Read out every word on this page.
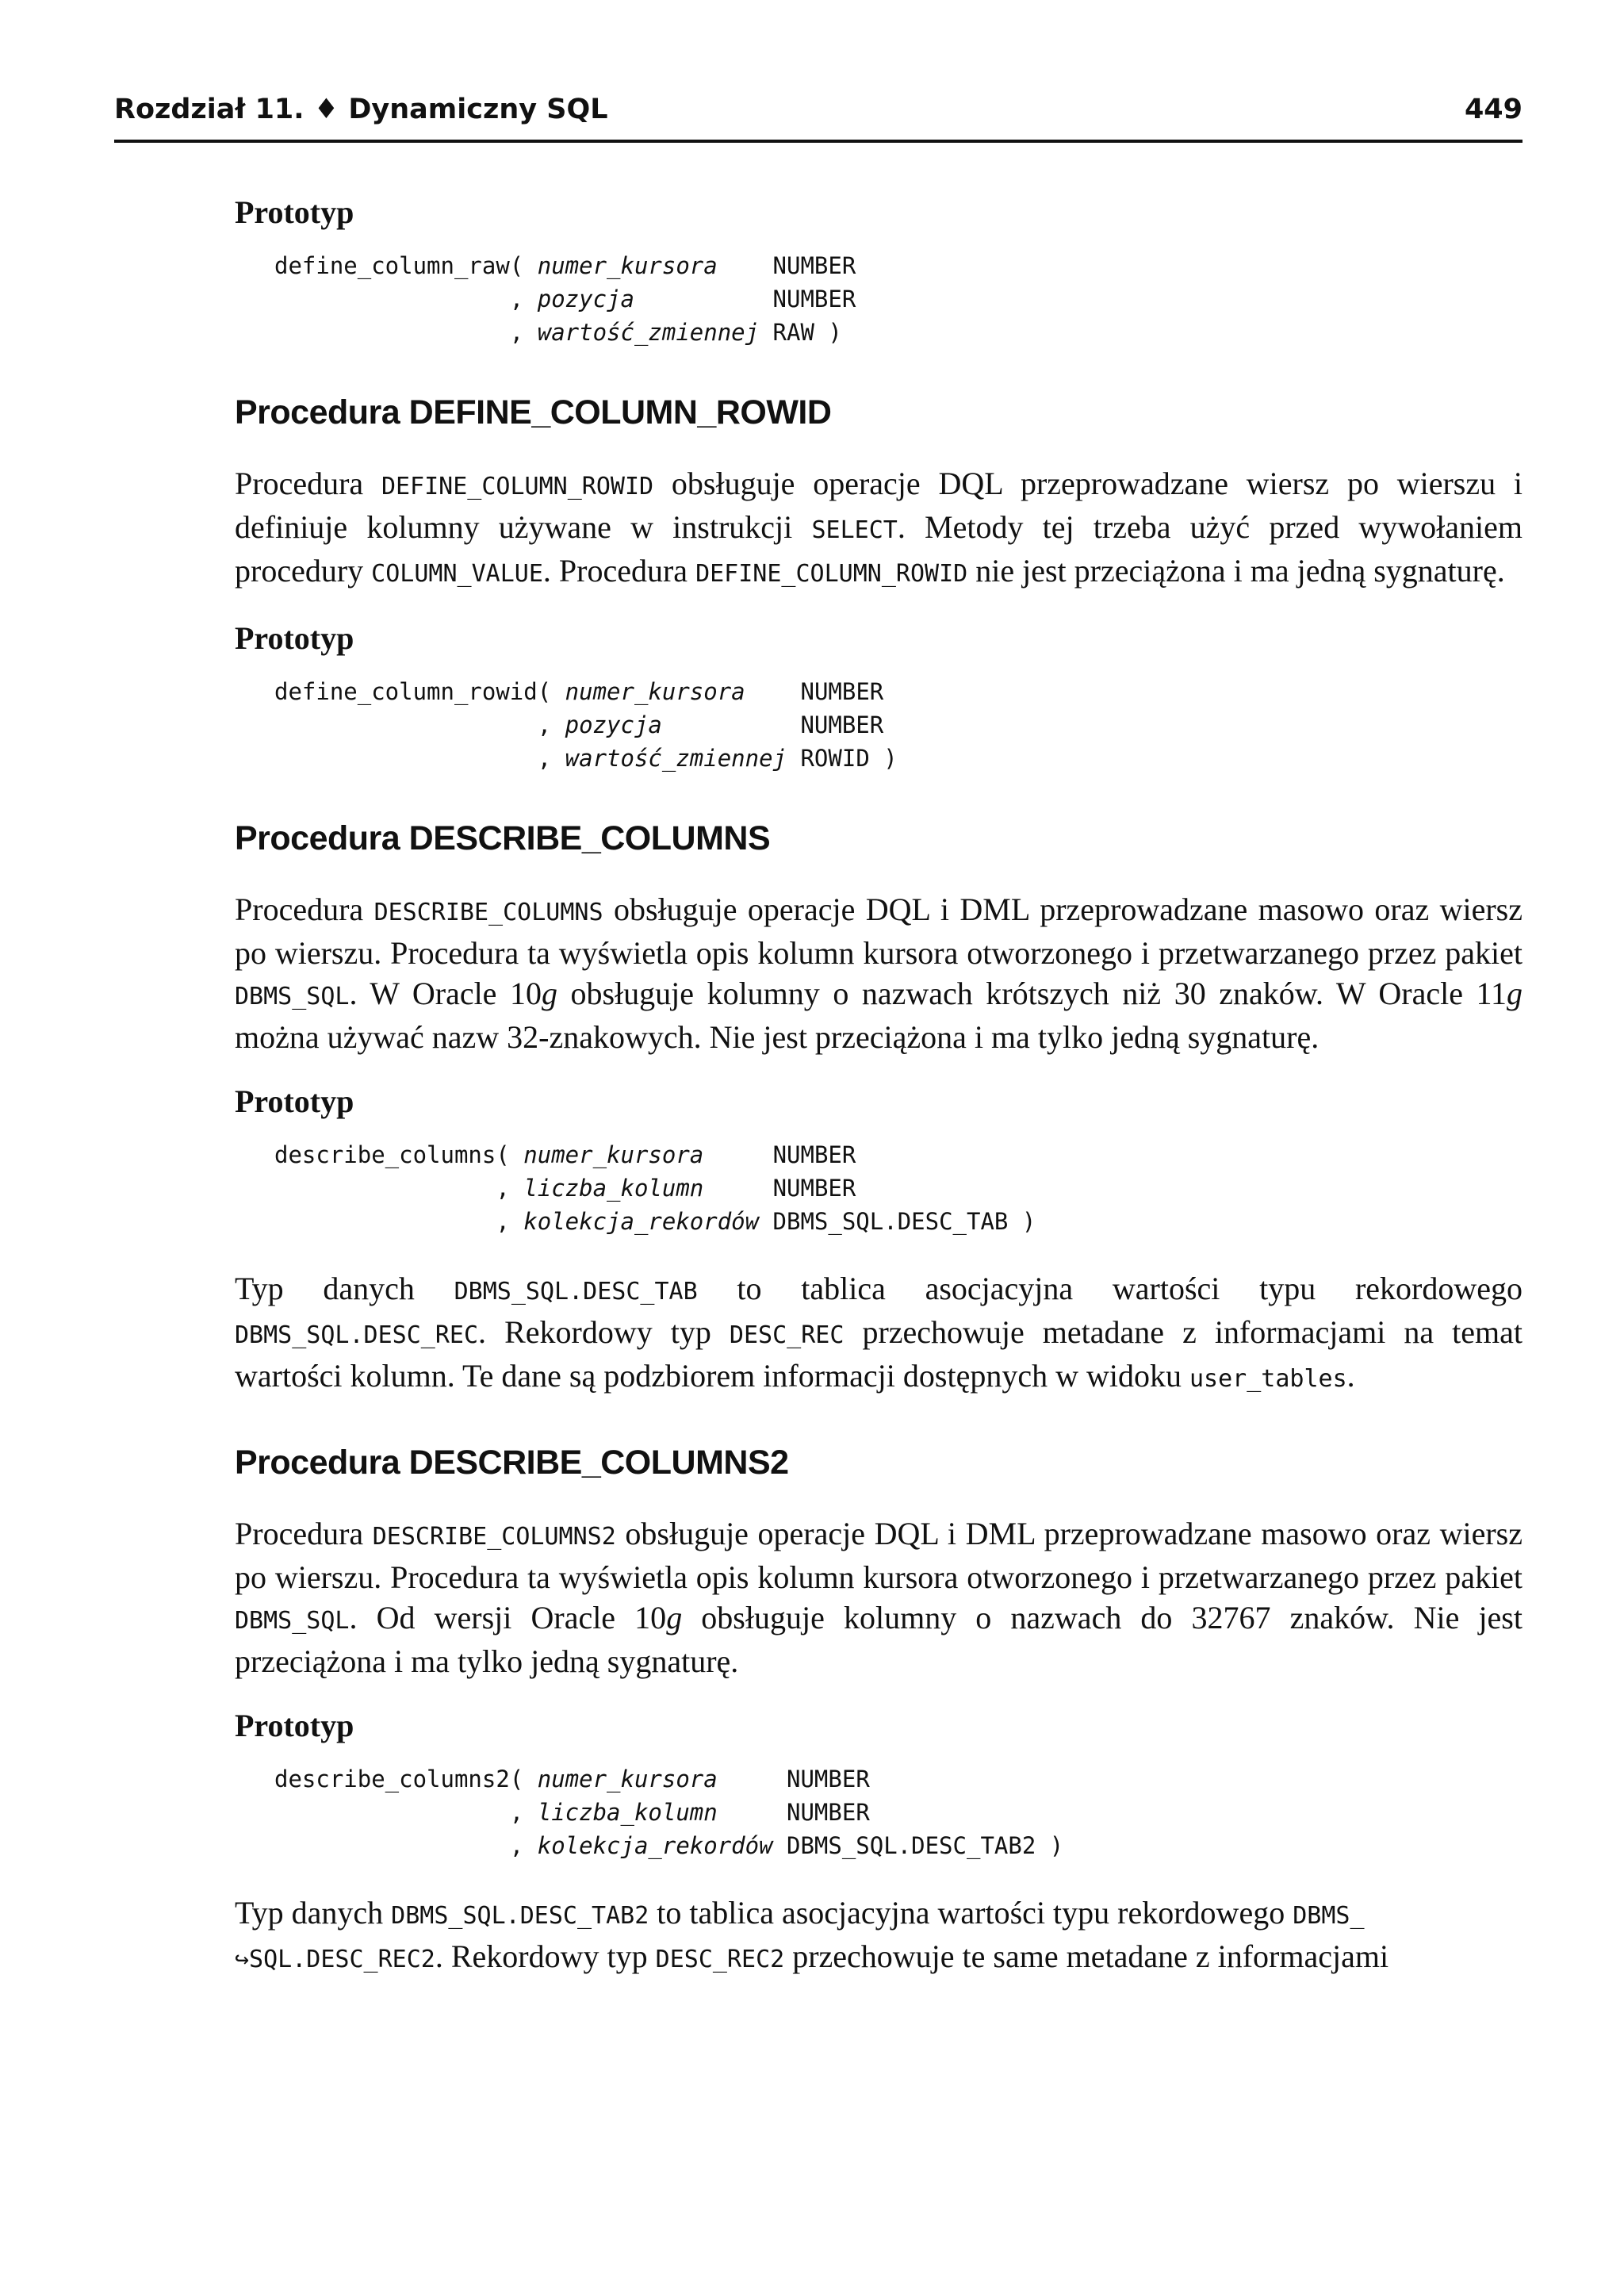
Rozdział 11. ♦ Dynamiczny SQL	449
Prototyp
define_column_raw( numer_kursora    NUMBER
, pozycja          NUMBER
, wartość_zmiennej RAW )
Procedura DEFINE_COLUMN_ROWID

Procedura DEFINE_COLUMN_ROWID obsługuje operacje DQL przeprowadzane wiersz po wierszu i definiuje kolumny używane w instrukcji SELECT. Metody tej trzeba użyć przed wywołaniem procedury COLUMN_VALUE. Procedura DEFINE_COLUMN_ROWID nie jest przeciążona i ma jedną sygnaturę.

Prototyp
define_column_rowid( numer_kursora    NUMBER
, pozycja          NUMBER
, wartość_zmiennej ROWID )
Procedura DESCRIBE_COLUMNS

Procedura DESCRIBE_COLUMNS obsługuje operacje DQL i DML przeprowadzane masowo oraz wiersz po wierszu. Procedura ta wyświetla opis kolumn kursora otworzonego i przetwarzanego przez pakiet DBMS_SQL. W Oracle 10g obsługuje kolumny o nazwach krótszych niż 30 znaków. W Oracle 11g można używać nazw 32-znakowych. Nie jest przeciążona i ma tylko jedną sygnaturę.

Prototyp
describe_columns( numer_kursora     NUMBER
, liczba_kolumn     NUMBER
, kolekcja_rekordów DBMS_SQL.DESC_TAB )

Typ danych DBMS_SQL.DESC_TAB to tablica asocjacyjna wartości typu rekordowego DBMS_SQL.DESC_REC. Rekordowy typ DESC_REC przechowuje metadane z informacjami na temat wartości kolumn. Te dane są podzbiorem informacji dostępnych w widoku user_tables.

Procedura DESCRIBE_COLUMNS2

Procedura DESCRIBE_COLUMNS2 obsługuje operacje DQL i DML przeprowadzane masowo oraz wiersz po wierszu. Procedura ta wyświetla opis kolumn kursora otworzonego i przetwarzanego przez pakiet DBMS_SQL. Od wersji Oracle 10g obsługuje kolumny o nazwach do 32767 znaków. Nie jest przeciążona i ma tylko jedną sygnaturę.

Prototyp
describe_columns2( numer_kursora     NUMBER
, liczba_kolumn     NUMBER
, kolekcja_rekordów DBMS_SQL.DESC_TAB2 )

Typ danych DBMS_SQL.DESC_TAB2 to tablica asocjacyjna wartości typu rekordowego DBMS_
↪SQL.DESC_REC2. Rekordowy typ DESC_REC2 przechowuje te same metadane z informacjami
